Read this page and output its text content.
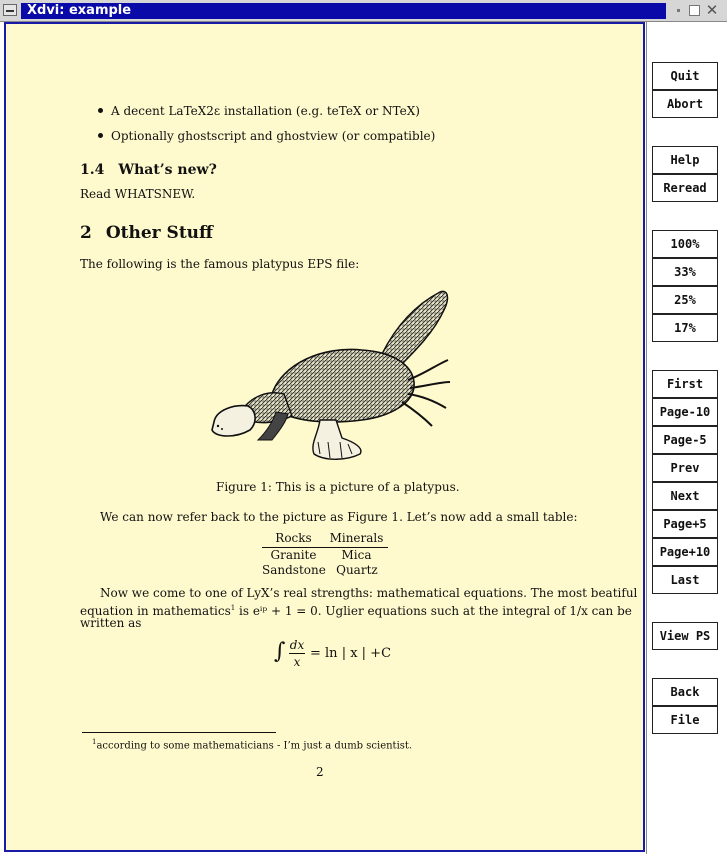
Xdvi: example	✕
A decent LaTeX2ε installation (e.g. teTeX or NTeX)
Optionally ghostscript and ghostview (or compatible)
1.4 What’s new?
Read WHATSNEW.
2 Other Stuff
The following is the famous platypus EPS file:
Figure 1: This is a picture of a platypus.
We can now refer back to the picture as Figure 1. Let’s now add a small table:
Rocks	Minerals
Granite	Mica
Sandstone Quartz
Now we come to one of LyX’s real strengths: mathematical equations. The most beatiful
equation in mathematics$^1$ is eⁱᵖ + 1 = 0. Uglier equations such at the integral of 1/x can be
written as
∫ dx
x
= ln | x | +C
$^1$according to some mathematicians - I’m just a dumb scientist.
2
Quit
Abort
Help
Reread
100%
33%
25%
17%
First
Page-10
Page-5
Prev
Next
Page+5
Page+10
Last
View PS
Back
File
